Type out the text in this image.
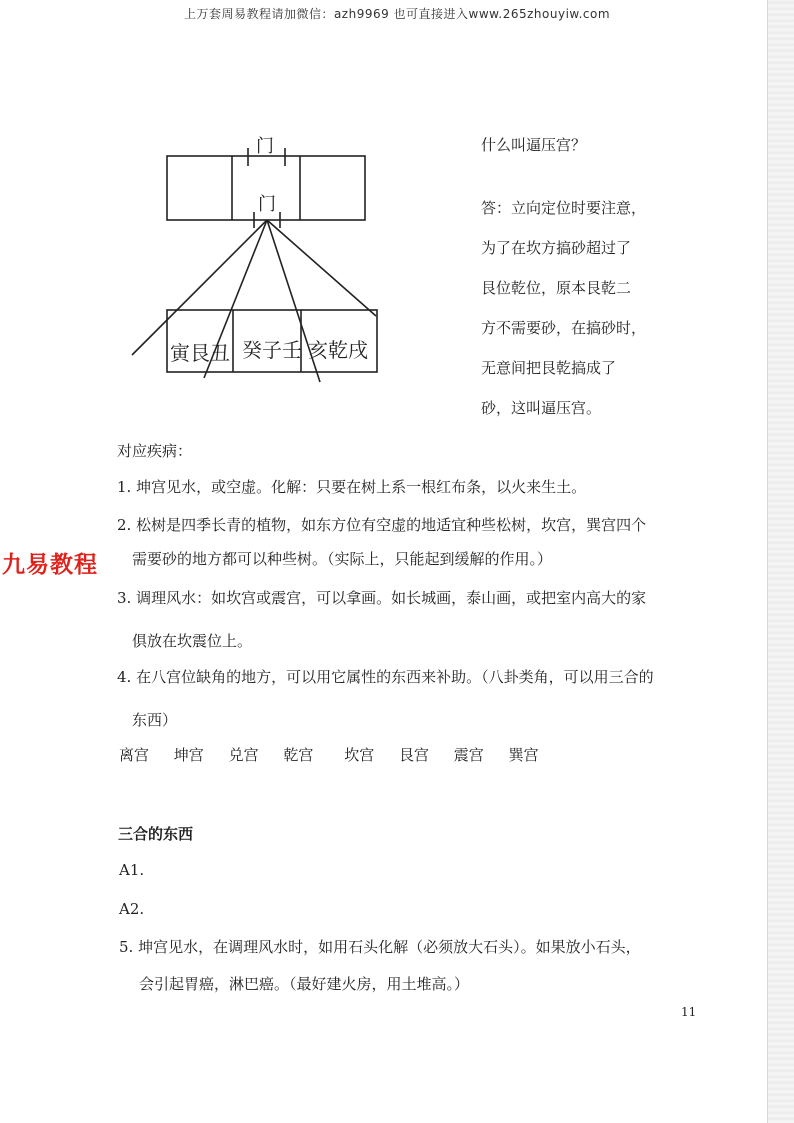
上万套周易教程请加微信：azh9969 也可直接进入www.265zhouyiw.com
门
门
寅艮丑 癸子壬 亥乾戌
什么叫逼压宫？
答：立向定位时要注意，
为了在坎方搞砂超过了
艮位乾位，原本艮乾二
方不需要砂，在搞砂时，
无意间把艮乾搞成了
砂，这叫逼压宫。
九易教程
对应疾病：
1. 坤宫见水，或空虚。化解：只要在树上系一根红布条，以火来生土。
2. 松树是四季长青的植物，如东方位有空虚的地适宜种些松树，坎宫，巽宫四个
需要砂的地方都可以种些树。（实际上，只能起到缓解的作用。）
3. 调理风水：如坎宫或震宫，可以拿画。如长城画，泰山画，或把室内高大的家
俱放在坎震位上。
4. 在八宫位缺角的地方，可以用它属性的东西来补助。（八卦类角，可以用三合的
东西）
离宫 坤宫 兑宫 乾宫 坎宫 艮宫 震宫 巽宫
三合的东西
A1.
A2.
5. 坤宫见水，在调理风水时，如用石头化解（必须放大石头）。如果放小石头，
会引起胃癌，淋巴癌。（最好建火房，用土堆高。）
11
